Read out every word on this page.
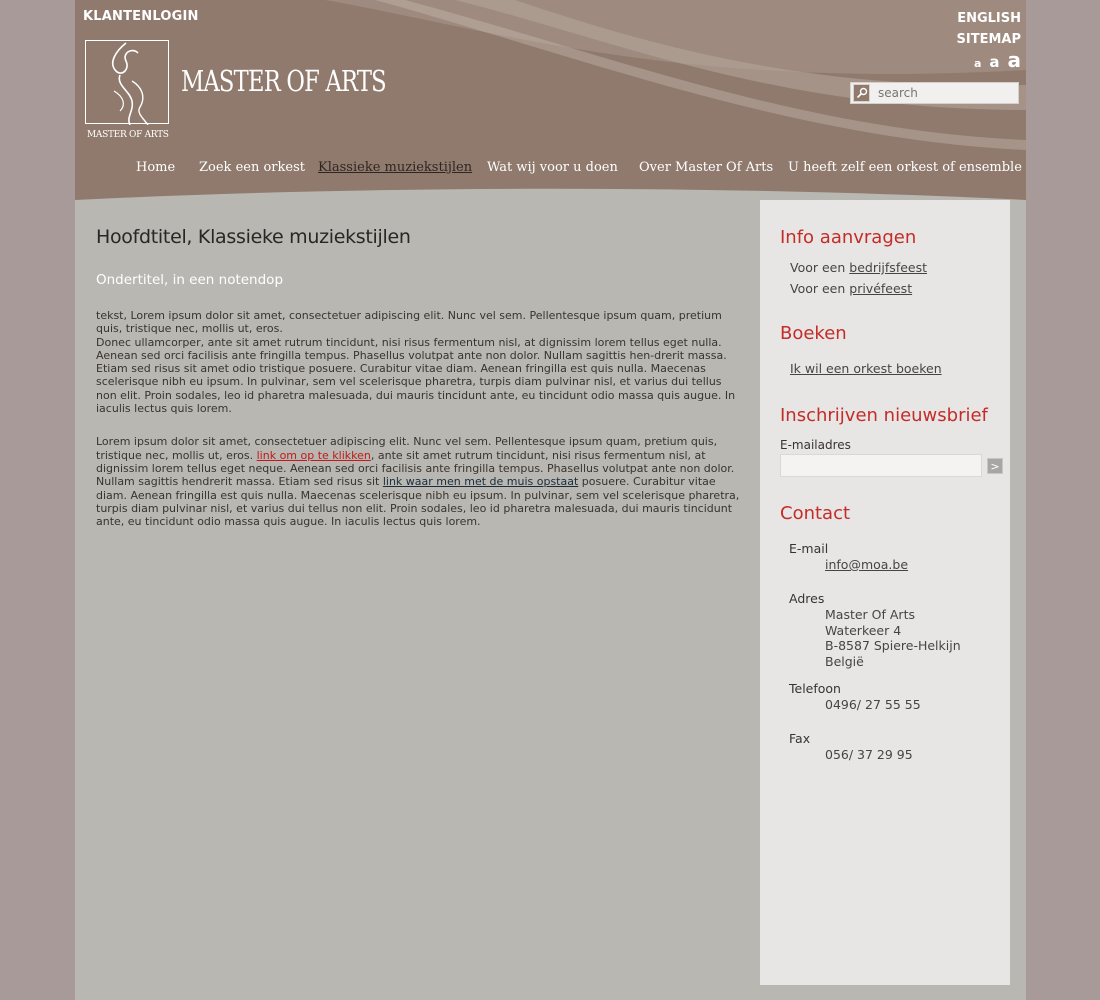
KLANTENLOGIN	ENGLISH
SITEMAP
a a a
search
MASTER OF ARTS
MASTER OF ARTS
Home Zoek een orkest Klassieke muziekstijlen Wat wij voor u doen Over Master Of Arts U heeft zelf een orkest of ensemble
Hoofdtitel, Klassieke muziekstijlen
Ondertitel, in een notendop

tekst, Lorem ipsum dolor sit amet, consectetuer adipiscing elit. Nunc vel sem. Pellentesque ipsum quam, pretium quis, tristique nec, mollis ut, eros.
Donec ullamcorper, ante sit amet rutrum tincidunt, nisi risus fermentum nisl, at dignissim lorem tellus eget nulla. Aenean sed orci facilisis ante fringilla tempus. Phasellus volutpat ante non dolor. Nullam sagittis hen-drerit massa. Etiam sed risus sit amet odio tristique posuere. Curabitur vitae diam. Aenean fringilla est quis nulla. Maecenas scelerisque nibh eu ipsum. In pulvinar, sem vel scelerisque pharetra, turpis diam pulvinar nisl, et varius dui tellus non elit. Proin sodales, leo id pharetra malesuada, dui mauris tincidunt ante, eu tincidunt odio massa quis augue. In iaculis lectus quis lorem.

Lorem ipsum dolor sit amet, consectetuer adipiscing elit. Nunc vel sem. Pellentesque ipsum quam, pretium quis, tristique nec, mollis ut, eros. link om op te klikken, ante sit amet rutrum tincidunt, nisi risus fermentum nisl, at dignissim lorem tellus eget neque. Aenean sed orci facilisis ante fringilla tempus. Phasellus volutpat ante non dolor. Nullam sagittis hendrerit massa. Etiam sed risus sit link waar men met de muis opstaat posuere. Curabitur vitae diam. Aenean fringilla est quis nulla. Maecenas scelerisque nibh eu ipsum. In pulvinar, sem vel scelerisque pharetra, turpis diam pulvinar nisl, et varius dui tellus non elit. Proin sodales, leo id pharetra malesuada, dui mauris tincidunt ante, eu tincidunt odio massa quis augue. In iaculis lectus quis lorem.

Info aanvragen
Voor een bedrijfsfeest
Voor een privéfeest
Boeken
Ik wil een orkest boeken
Inschrijven nieuwsbrief
E-mailadres
>
Contact
E-mail
info@moa.be
Adres
Master Of Arts
Waterkeer 4
B-8587 Spiere-Helkijn
België
Telefoon
0496/ 27 55 55
Fax
056/ 37 29 95
